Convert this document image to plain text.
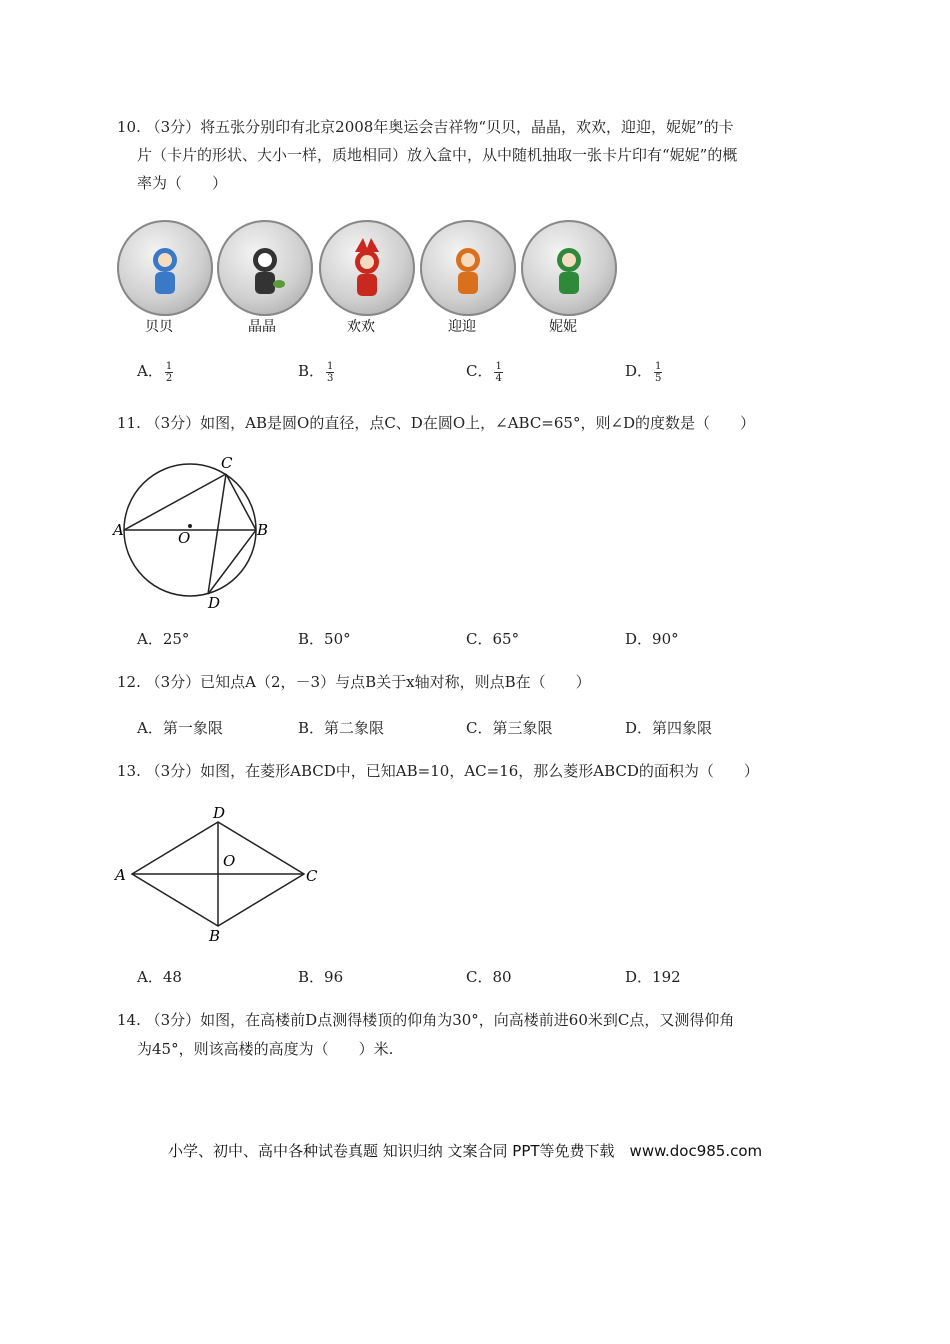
10. （3分）将五张分别印有北京2008年奥运会吉祥物“贝贝，晶晶，欢欢，迎迎，妮妮”的卡
片（卡片的形状、大小一样，质地相同）放入盒中，从中随机抽取一张卡片印有“妮妮”的概
率为（　　）
贝贝	晶晶	欢欢	迎迎	妮妮
A． $\frac{1}{2}$	B． $\frac{1}{3}$	C． $\frac{1}{4}$	D． $\frac{1}{5}$
11. （3分）如图，AB是圆O的直径，点C、D在圆O上，∠ABC=65°，则∠D的度数是（　　）
A	B
C
D
O
A．25°	B．50°	C．65°	D．90°
12. （3分）已知点A（2，－3）与点B关于x轴对称，则点B在（　　）
A．第一象限	B．第二象限	C．第三象限	D．第四象限
13. （3分）如图，在菱形ABCD中，已知AB=10，AC=16，那么菱形ABCD的面积为（　　）
A	C
D
B
O
A．48	B．96	C．80	D．192
14. （3分）如图，在高楼前D点测得楼顶的仰角为30°，向高楼前进60米到C点，又测得仰角
为45°，则该高楼的高度为（　　）米.
小学、初中、高中各种试卷真题 知识归纳 文案合同 PPT等免费下载　www.doc985.com
